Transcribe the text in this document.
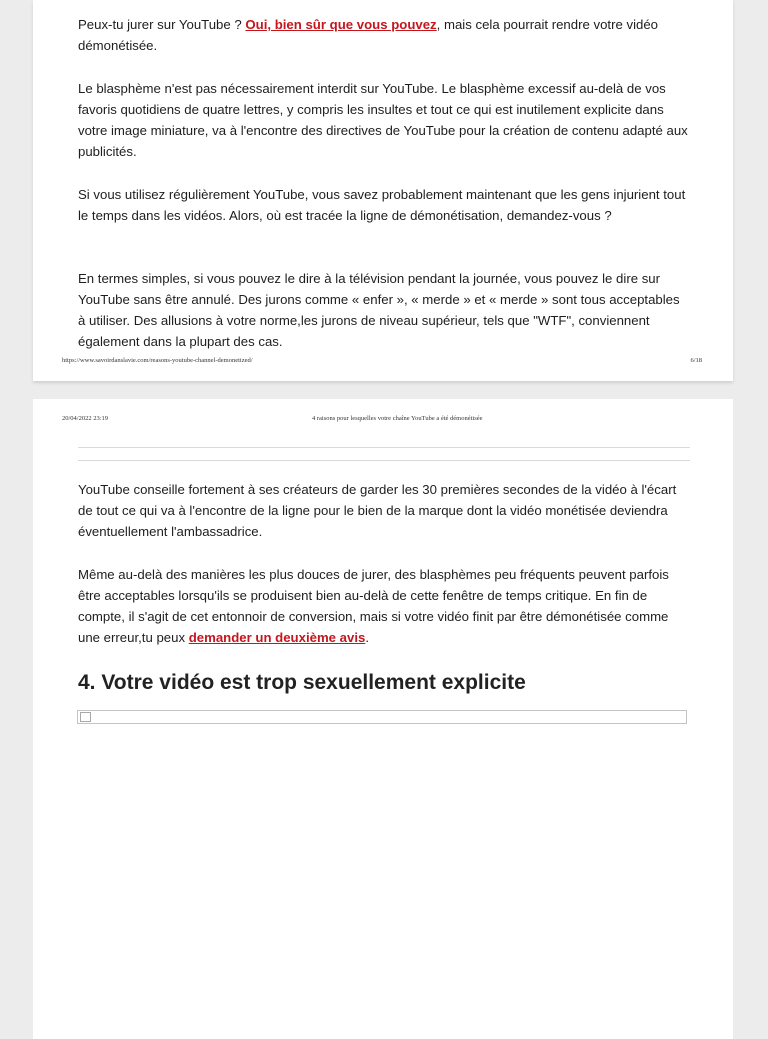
Peux-tu jurer sur YouTube ? Oui, bien sûr que vous pouvez, mais cela pourrait rendre votre vidéo démonétisée.

Le blasphème n'est pas nécessairement interdit sur YouTube. Le blasphème excessif au-delà de vos favoris quotidiens de quatre lettres, y compris les insultes et tout ce qui est inutilement explicite dans votre image miniature, va à l'encontre des directives de YouTube pour la création de contenu adapté aux publicités.

Si vous utilisez régulièrement YouTube, vous savez probablement maintenant que les gens injurient tout le temps dans les vidéos. Alors, où est tracée la ligne de démonétisation, demandez-vous ?

En termes simples, si vous pouvez le dire à la télévision pendant la journée, vous pouvez le dire sur YouTube sans être annulé. Des jurons comme « enfer », « merde » et « merde » sont tous acceptables à utiliser. Des allusions à votre norme,les jurons de niveau supérieur, tels que "WTF", conviennent également dans la plupart des cas.

https://www.savoirdanslavie.com/reasons-youtube-channel-demonetized/	6/18
20/04/2022 23:19	4 raisons pour lesquelles votre chaîne YouTube a été démonétisée

YouTube conseille fortement à ses créateurs de garder les 30 premières secondes de la vidéo à l'écart de tout ce qui va à l'encontre de la ligne pour le bien de la marque dont la vidéo monétisée deviendra éventuellement l'ambassadrice.

Même au-delà des manières les plus douces de jurer, des blasphèmes peu fréquents peuvent parfois être acceptables lorsqu'ils se produisent bien au-delà de cette fenêtre de temps critique. En fin de compte, il s'agit de cet entonnoir de conversion, mais si votre vidéo finit par être démonétisée comme une erreur,tu peux demander un deuxième avis.

4. Votre vidéo est trop sexuellement explicite
